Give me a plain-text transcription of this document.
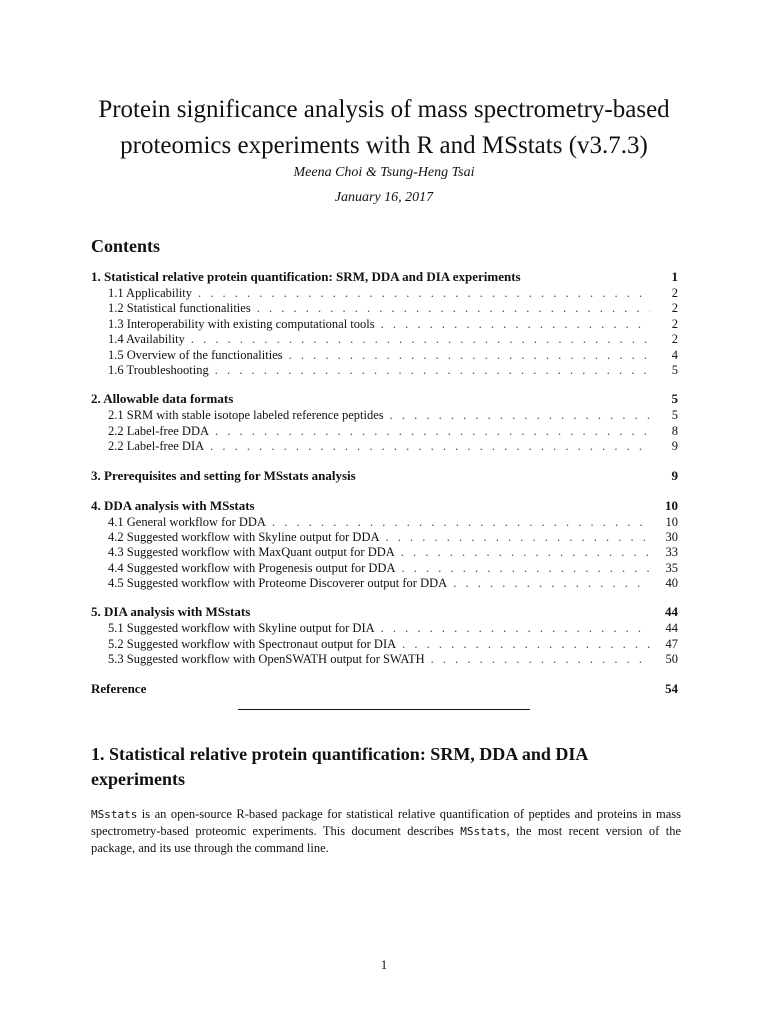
Protein significance analysis of mass spectrometry-based
proteomics experiments with R and MSstats (v3.7.3)
Meena Choi & Tsung-Heng Tsai
January 16, 2017
Contents
1. Statistical relative protein quantification: SRM, DDA and DIA experiments	1
1.1 Applicability . . .	2
1.2 Statistical functionalities . . .	2
1.3 Interoperability with existing computational tools . . .	2
1.4 Availability . . .	2
1.5 Overview of the functionalities . . .	4
1.6 Troubleshooting . . .	5
2. Allowable data formats	5
2.1 SRM with stable isotope labeled reference peptides . . .	5
2.2 Label-free DDA . . .	8
2.2 Label-free DIA . . .	9
3. Prerequisites and setting for MSstats analysis	9
4. DDA analysis with MSstats	10
4.1 General workflow for DDA . . .	10
4.2 Suggested workflow with Skyline output for DDA . . .	30
4.3 Suggested workflow with MaxQuant output for DDA . . .	33
4.4 Suggested workflow with Progenesis output for DDA . . .	35
4.5 Suggested workflow with Proteome Discoverer output for DDA . . .	40
5. DIA analysis with MSstats	44
5.1 Suggested workflow with Skyline output for DIA . . .	44
5.2 Suggested workflow with Spectronaut output for DIA . . .	47
5.3 Suggested workflow with OpenSWATH output for SWATH . . .	50
Reference	54
1. Statistical relative protein quantification: SRM, DDA and DIA
experiments
MSstats is an open-source R-based package for statistical relative quantification of peptides and proteins in mass spectrometry-based proteomic experiments. This document describes MSstats, the most recent version of the package, and its use through the command line.
1
